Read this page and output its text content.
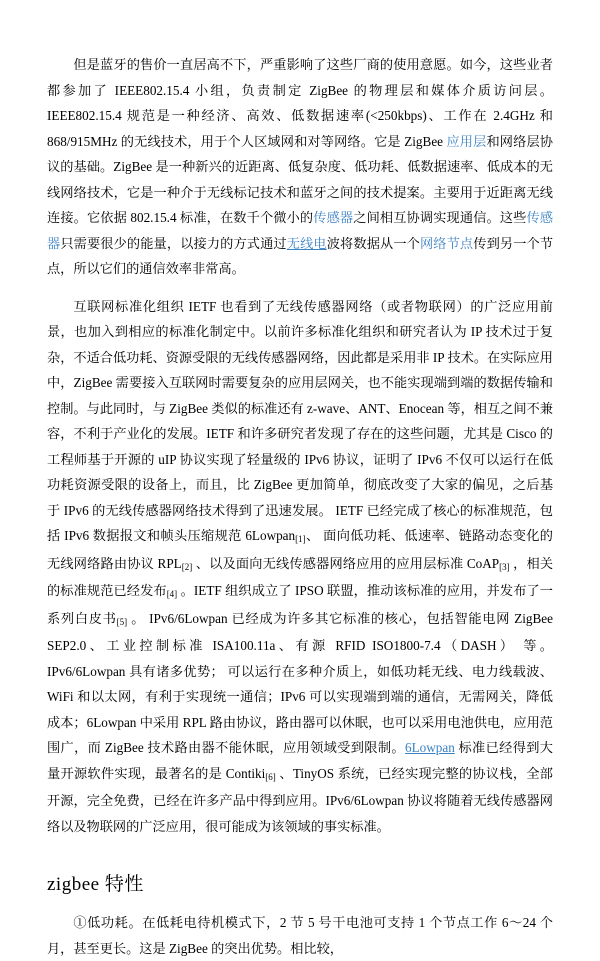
但是蓝牙的售价一直居高不下，严重影响了这些厂商的使用意愿。如今，这些业者都参加了 IEEE802.15.4 小组，负责制定 ZigBee 的物理层和媒体介质访问层。IEEE802.15.4 规范是一种经济、高效、低数据速率(<250kbps)、工作在 2.4GHz 和 868/915MHz 的无线技术，用于个人区域网和对等网络。它是 ZigBee 应用层和网络层协议的基础。ZigBee 是一种新兴的近距离、低复杂度、低功耗、低数据速率、低成本的无线网络技术，它是一种介于无线标记技术和蓝牙之间的技术提案。主要用于近距离无线连接。它依据 802.15.4 标准，在数千个微小的传感器之间相互协调实现通信。这些传感器只需要很少的能量，以接力的方式通过无线电波将数据从一个网络节点传到另一个节点，所以它们的通信效率非常高。

互联网标准化组织 IETF 也看到了无线传感器网络（或者物联网）的广泛应用前景，也加入到相应的标准化制定中。以前许多标准化组织和研究者认为 IP 技术过于复杂，不适合低功耗、资源受限的无线传感器网络，因此都是采用非 IP 技术。在实际应用中，ZigBee 需要接入互联网时需要复杂的应用层网关，也不能实现端到端的数据传输和控制。与此同时，与 ZigBee 类似的标准还有 z-wave、ANT、Enocean 等，相互之间不兼容，不利于产业化的发展。IETF 和许多研究者发现了存在的这些问题，尤其是 Cisco 的工程师基于开源的 uIP 协议实现了轻量级的 IPv6 协议，证明了 IPv6 不仅可以运行在低功耗资源受限的设备上，而且，比 ZigBee 更加简单，彻底改变了大家的偏见，之后基于 IPv6 的无线传感器网络技术得到了迅速发展。 IETF 已经完成了核心的标准规范，包括 IPv6 数据报文和帧头压缩规范 6Lowpan$_{[1]}$、 面向低功耗、低速率、链路动态变化的无线网络路由协议 $RPL_{[2]}$ 、以及面向无线传感器网络应用的应用层标准 CoAP$_{[3]}$ ，相关的标准规范已经发布$_{[4]}$ 。IETF 组织成立了 IPSO 联盟，推动该标准的应用，并发布了一系列白皮书$_{[5]}$ 。 IPv6/6Lowpan 已经成为许多其它标准的核心，包括智能电网 ZigBee SEP2.0、工业控制标准 ISA100.11a、有源 RFID ISO1800-7.4（DASH） 等。IPv6/6Lowpan 具有诸多优势； 可以运行在多种介质上，如低功耗无线、电力线载波、WiFi 和以太网，有利于实现统一通信；IPv6 可以实现端到端的通信，无需网关，降低成本；6Lowpan 中采用 RPL 路由协议，路由器可以休眠，也可以采用电池供电，应用范围广，而 ZigBee 技术路由器不能休眠，应用领域受到限制。6Lowpan 标准已经得到大量开源软件实现，最著名的是 Contiki$_{[6]}$ 、TinyOS 系统，已经实现完整的协议栈，全部开源，完全免费，已经在许多产品中得到应用。IPv6/6Lowpan 协议将随着无线传感器网络以及物联网的广泛应用，很可能成为该领域的事实标准。

zigbee 特性

①低功耗。在低耗电待机模式下，2 节 5 号干电池可支持 1 个节点工作 6～24 个月，甚至更长。这是 ZigBee 的突出优势。相比较，
